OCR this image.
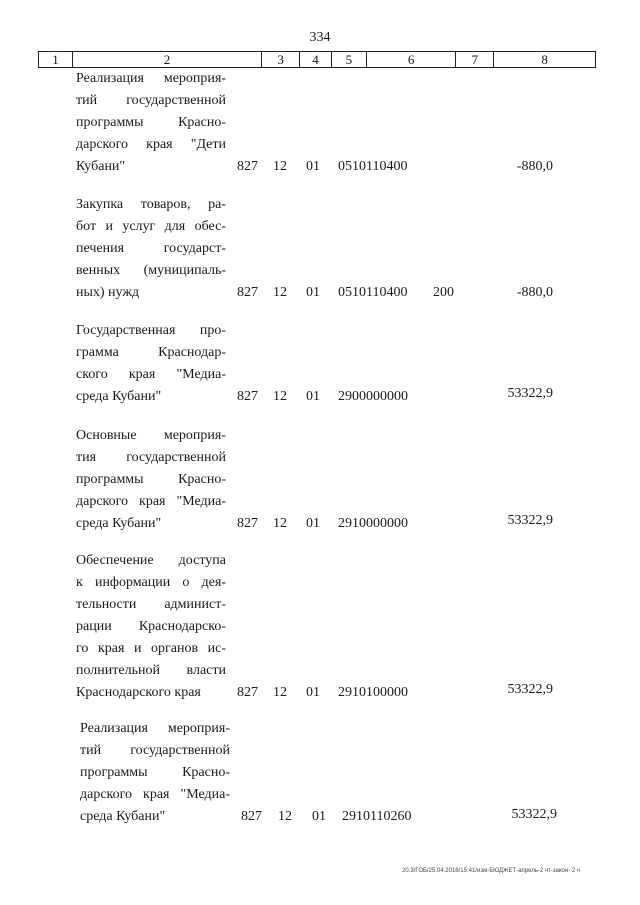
334
1	2	3	4	5	6	7	8
Реализация мероприя-
тий государственной
программы Красно-
дарского края "Дети
Кубани"	827 12 01 0510110400	-880,0
Закупка товаров, ра-
бот и услуг для обес-
печения государст-
венных (муниципаль-
ных) нужд	827 12 01 0510110400 200	-880,0
Государственная про-
грамма Краснодар-
ского края "Медиа-
среда Кубани"	827 12 01 2900000000	53322,9
Основные мероприя-
тия государственной
программы Красно-
дарского края "Медиа-
среда Кубани"	827 12 01 2910000000	53322,9
Обеспечение доступа
к информации о дея-
тельности админист-
рации Краснодарско-
го края и органов ис-
полнительной власти
Краснодарского края	827 12 01 2910100000	53322,9
Реализация мероприя-
тий государственной
программы Красно-
дарского края "Медиа-
среда Кубани"	827 12 01 2910110260	53322,9
20.3/ГОБ/25.04.2016/15:41/изм-БЮДЖЕТ-апрель-2 чт-закон- 2 ч
